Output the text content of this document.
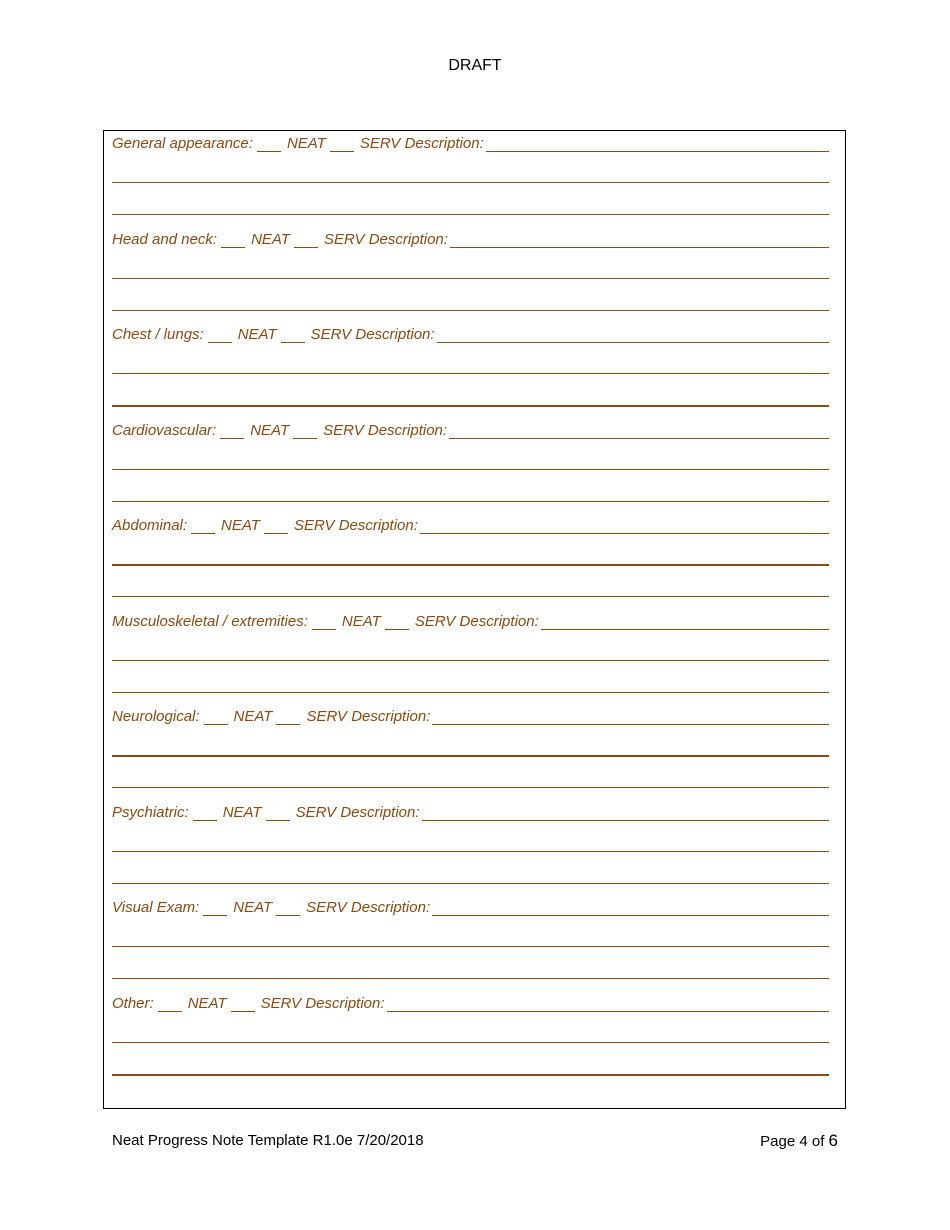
DRAFT
General appearance: NEAT SERV Description:
Head and neck: NEAT SERV Description:
Chest / lungs: NEAT SERV Description:
Cardiovascular: NEAT SERV Description:
Abdominal: NEAT SERV Description:
Musculoskeletal / extremities: NEAT SERV Description:
Neurological: NEAT SERV Description:
Psychiatric: NEAT SERV Description:
Visual Exam: NEAT SERV Description:
Other: NEAT SERV Description:
Neat Progress Note Template R1.0e 7/20/2018	Page 4 of 6
